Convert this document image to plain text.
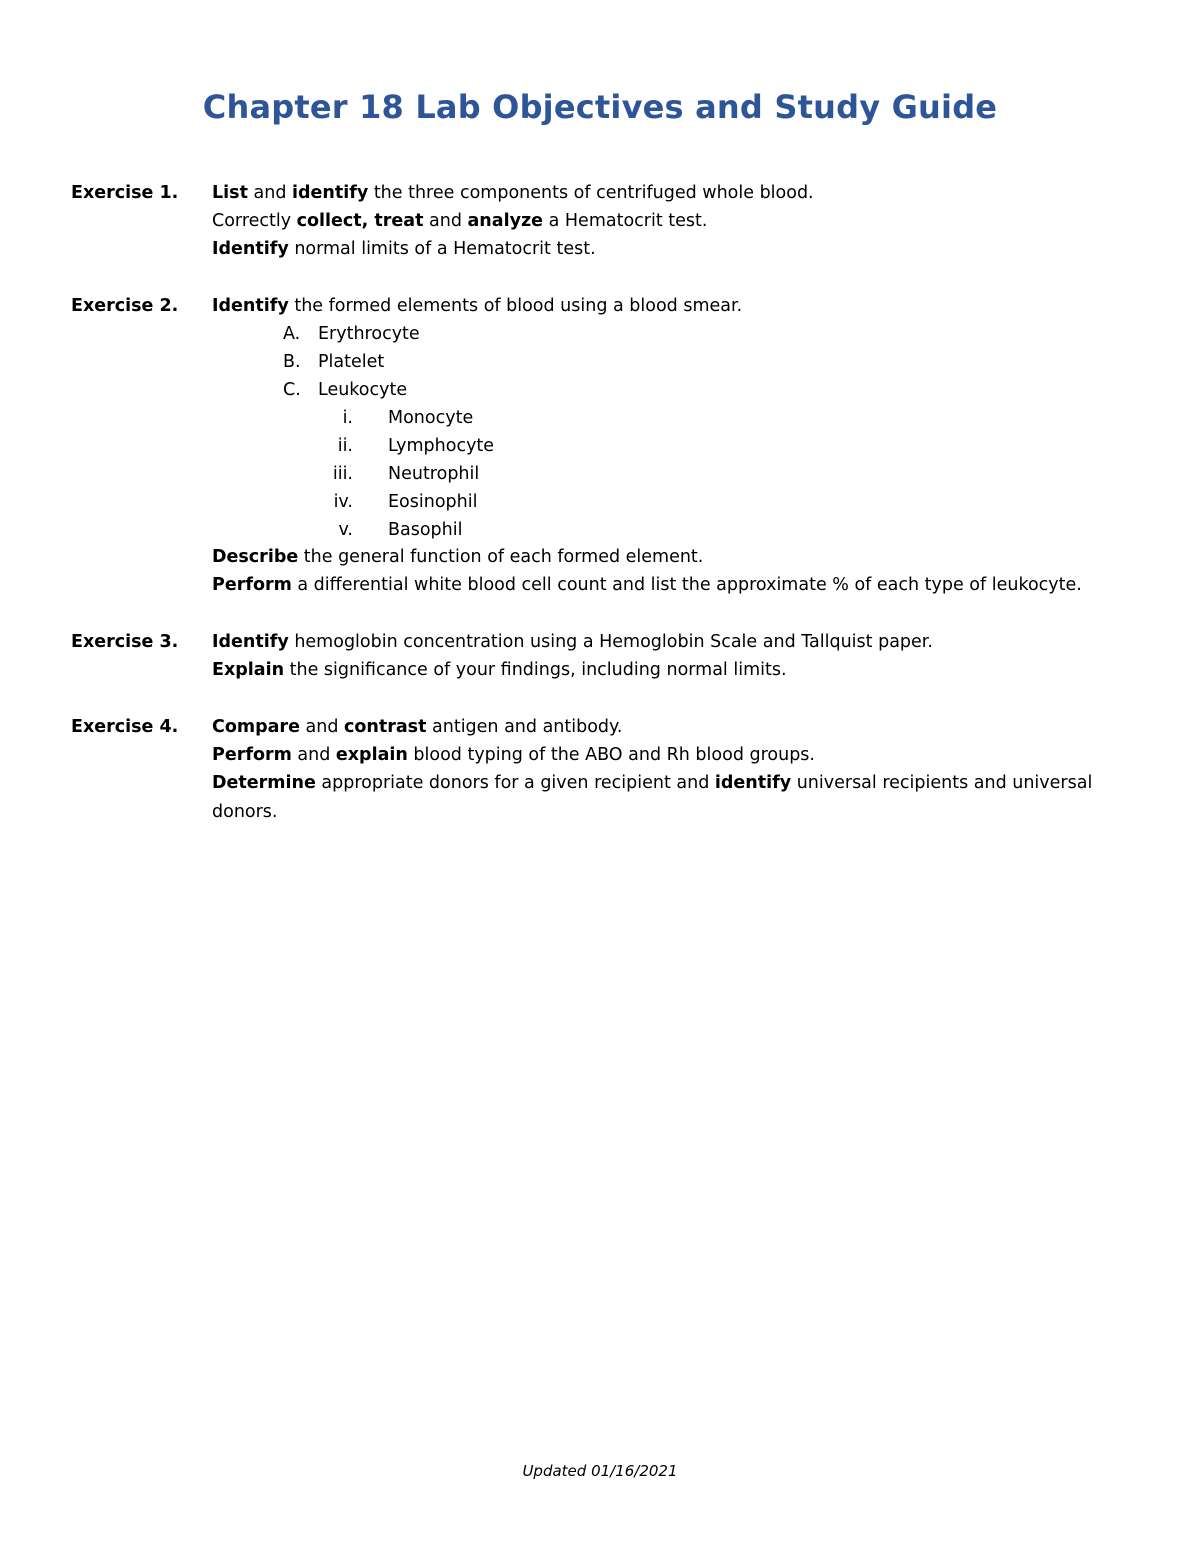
Chapter 18 Lab Objectives and Study Guide
Exercise 1. List and identify the three components of centrifuged whole blood.
Correctly collect, treat and analyze a Hematocrit test.
Identify normal limits of a Hematocrit test.
Exercise 2. Identify the formed elements of blood using a blood smear.
A. Erythrocyte
B. Platelet
C. Leukocyte
i. Monocyte
ii. Lymphocyte
iii. Neutrophil
iv. Eosinophil
v. Basophil
Describe the general function of each formed element.
Perform a differential white blood cell count and list the approximate % of each type of leukocyte.
Exercise 3. Identify hemoglobin concentration using a Hemoglobin Scale and Tallquist paper.
Explain the significance of your findings, including normal limits.
Exercise 4. Compare and contrast antigen and antibody.
Perform and explain blood typing of the ABO and Rh blood groups.
Determine appropriate donors for a given recipient and identify universal recipients and universal
donors.
Updated 01/16/2021
